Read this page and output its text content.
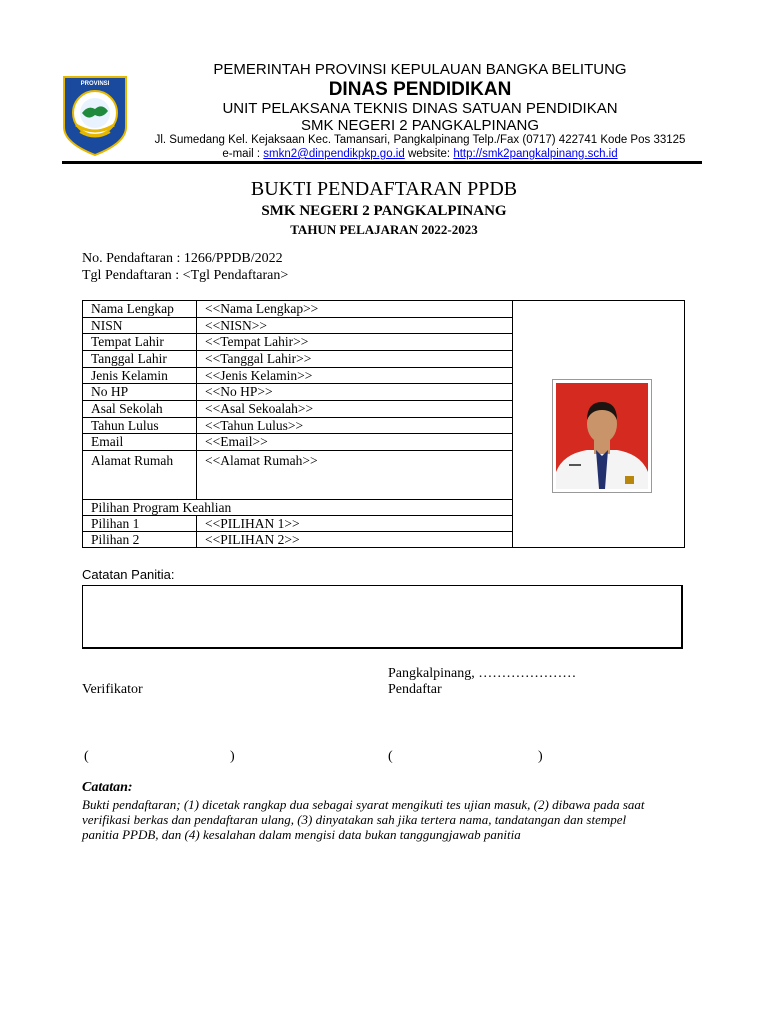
PROVINSI
PEMERINTAH PROVINSI KEPULAUAN BANGKA BELITUNG
DINAS PENDIDIKAN
UNIT PELAKSANA TEKNIS DINAS SATUAN PENDIDIKAN
SMK NEGERI 2 PANGKALPINANG
Jl. Sumedang Kel. Kejaksaan Kec. Tamansari, Pangkalpinang Telp./Fax (0717) 422741 Kode Pos 33125
e-mail : smkn2@dinpendikpkp.go.id website: http://smk2pangkalpinang.sch.id
BUKTI PENDAFTARAN PPDB
SMK NEGERI 2 PANGKALPINANG
TAHUN PELAJARAN 2022-2023
No. Pendaftaran : 1266/PPDB/2022
Tgl Pendaftaran : <Tgl Pendaftaran>
Nama Lengkap <<Nama Lengkap>>
NISN	<<NISN>>
Tempat Lahir	<<Tempat Lahir>>
Tanggal Lahir	<<Tanggal Lahir>>
Jenis Kelamin	<<Jenis Kelamin>>
No HP	<<No HP>>
Asal Sekolah	<<Asal Sekoalah>>
Tahun Lulus	<<Tahun Lulus>>
Email	<<Email>>
Alamat Rumah <<Alamat Rumah>>
Pilihan Program Keahlian
Pilihan 1	<<PILIHAN 1>>
Pilihan 2	<<PILIHAN 2>>
Catatan Panitia:
Pangkalpinang, …………………
Verifikator	Pendaftar
(	)	(	)
Catatan:
Bukti pendaftaran; (1) dicetak rangkap dua sebagai syarat mengikuti tes ujian masuk, (2) dibawa pada saat verifikasi berkas dan pendaftaran ulang, (3) dinyatakan sah jika tertera nama, tandatangan dan stempel panitia PPDB, dan (4) kesalahan dalam mengisi data bukan tanggungjawab panitia
